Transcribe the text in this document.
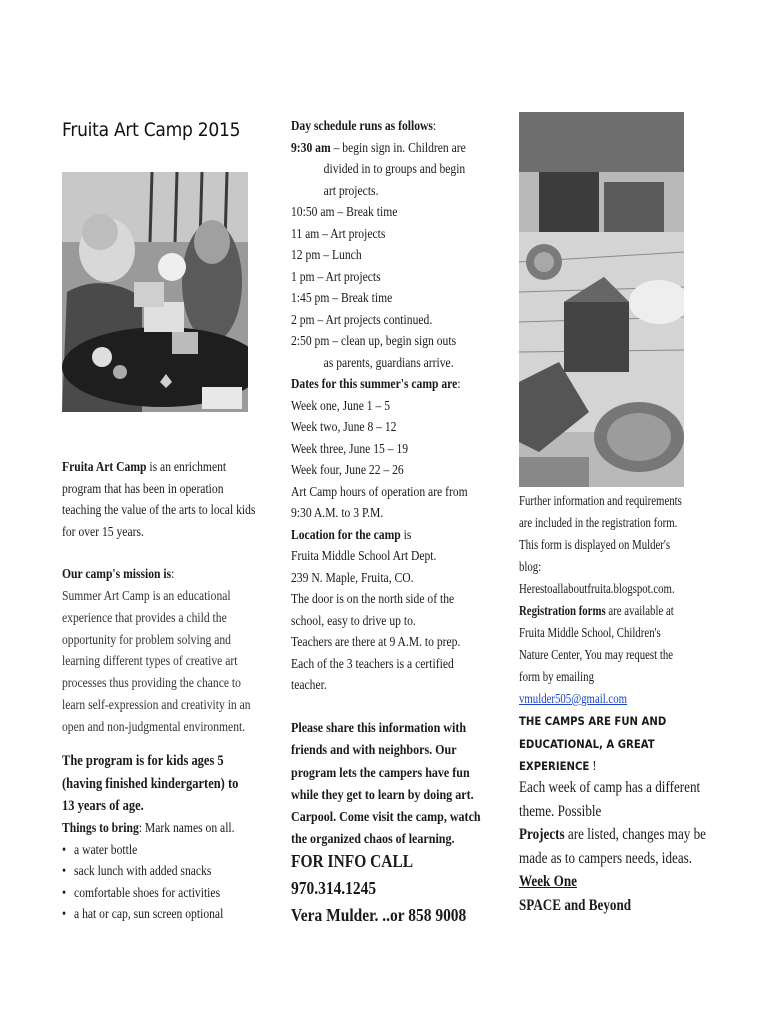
Fruita Art Camp 2015
Fruita Art Camp is an enrichment
program that has been in operation
teaching the value of the arts to local kids
for over 15 years.
Our camp's mission is:
Summer Art Camp is an educational
experience that provides a child the
opportunity for problem solving and
learning different types of creative art
processes thus providing the chance to
learn self-expression and creativity in an
open and non-judgmental environment.
The program is for kids ages 5
(having finished kindergarten) to
13 years of age.
Things to bring: Mark names on all.
• a water bottle
• sack lunch with added snacks
• comfortable shoes for activities
• a hat or cap, sun screen optional
Day schedule runs as follows:
9:30 am – begin sign in. Children are
divided in to groups and begin
art projects.
10:50 am – Break time
11 am – Art projects
12 pm – Lunch
1 pm – Art projects
1:45 pm – Break time
2 pm – Art projects continued.
2:50 pm – clean up, begin sign outs
as parents, guardians arrive.
Dates for this summer's camp are:
Week one, June 1 – 5
Week two, June 8 – 12
Week three, June 15 – 19
Week four, June 22 – 26
Art Camp hours of operation are from
9:30 A.M. to 3 P.M.
Location for the camp is
Fruita Middle School Art Dept.
239 N. Maple, Fruita, CO.
The door is on the north side of the
school, easy to drive up to.
Teachers are there at 9 A.M. to prep.
Each of the 3 teachers is a certified
teacher.
Please share this information with
friends and with neighbors. Our
program lets the campers have fun
while they get to learn by doing art.
Carpool. Come visit the camp, watch
the organized chaos of learning.
FOR INFO CALL
970.314.1245
Vera Mulder. ..or 858 9008
Further information and requirements
are included in the registration form.
This form is displayed on Mulder's
blog:
Herestoallaboutfruita.blogspot.com.
Registration forms are available at
Fruita Middle School, Children's
Nature Center, You may request the
form by emailing
vmulder505@gmail.com
THE CAMPS ARE FUN AND
EDUCATIONAL, A GREAT
EXPERIENCE !
Each week of camp has a different
theme. Possible
Projects are listed, changes may be
made as to campers needs, ideas.
Week One
SPACE and Beyond
